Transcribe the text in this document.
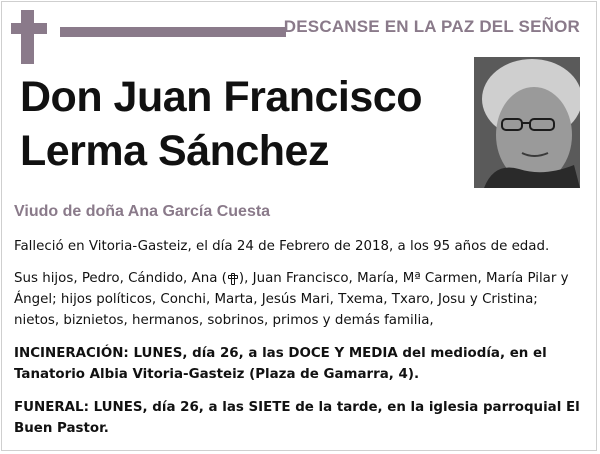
DESCANSE EN LA PAZ DEL SEÑOR
Don Juan Francisco
Lerma Sánchez
Viudo de doña Ana García Cuesta
Falleció en Vitoria-Gasteiz, el día 24 de Febrero de 2018, a los 95 años de edad.
Sus hijos, Pedro, Cándido, Ana ( ), Juan Francisco, María, Mª Carmen, María Pilar y Ángel; hijos políticos, Conchi, Marta, Jesús Mari, Txema, Txaro, Josu y Cristina; nietos, biznietos, hermanos, sobrinos, primos y demás familia,
INCINERACIÓN: LUNES, día 26, a las DOCE Y MEDIA del mediodía, en el Tanatorio Albia Vitoria-Gasteiz (Plaza de Gamarra, 4).
FUNERAL: LUNES, día 26, a las SIETE de la tarde, en la iglesia parroquial El Buen Pastor.
